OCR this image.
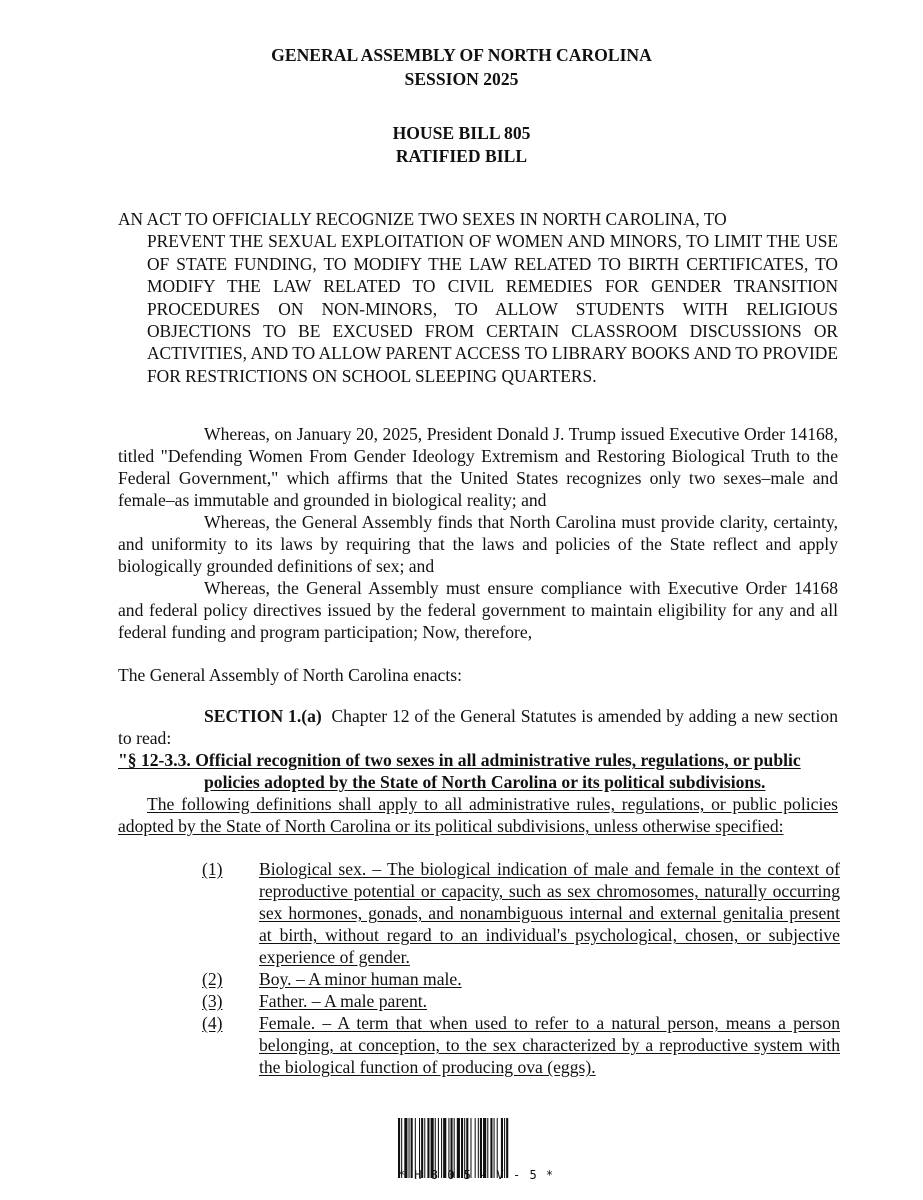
GENERAL ASSEMBLY OF NORTH CAROLINA
SESSION 2025
HOUSE BILL 805
RATIFIED BILL
AN ACT TO OFFICIALLY RECOGNIZE TWO SEXES IN NORTH CAROLINA, TO
PREVENT THE SEXUAL EXPLOITATION OF WOMEN AND MINORS, TO LIMIT THE USE OF STATE FUNDING, TO MODIFY THE LAW RELATED TO BIRTH CERTIFICATES, TO MODIFY THE LAW RELATED TO CIVIL REMEDIES FOR GENDER TRANSITION PROCEDURES ON NON-MINORS, TO ALLOW STUDENTS WITH RELIGIOUS OBJECTIONS TO BE EXCUSED FROM CERTAIN CLASSROOM DISCUSSIONS OR ACTIVITIES, AND TO ALLOW PARENT ACCESS TO LIBRARY BOOKS AND TO PROVIDE FOR RESTRICTIONS ON SCHOOL SLEEPING QUARTERS.
Whereas, on January 20, 2025, President Donald J. Trump issued Executive Order 14168, titled "Defending Women From Gender Ideology Extremism and Restoring Biological Truth to the Federal Government," which affirms that the United States recognizes only two sexes–male and female–as immutable and grounded in biological reality; and
Whereas, the General Assembly finds that North Carolina must provide clarity, certainty, and uniformity to its laws by requiring that the laws and policies of the State reflect and apply biologically grounded definitions of sex; and
Whereas, the General Assembly must ensure compliance with Executive Order 14168 and federal policy directives issued by the federal government to maintain eligibility for any and all federal funding and program participation; Now, therefore,
The General Assembly of North Carolina enacts:
SECTION 1.(a) Chapter 12 of the General Statutes is amended by adding a new section to read:
"§ 12-3.3. Official recognition of two sexes in all administrative rules, regulations, or public
policies adopted by the State of North Carolina or its political subdivisions.
The following definitions shall apply to all administrative rules, regulations, or public policies adopted by the State of North Carolina or its political subdivisions, unless otherwise specified:
(1) Biological sex. – The biological indication of male and female in the context of reproductive potential or capacity, such as sex chromosomes, naturally occurring sex hormones, gonads, and nonambiguous internal and external genitalia present at birth, without regard to an individual's psychological, chosen, or subjective experience of gender.
(2) Boy. – A minor human male.
(3) Father. – A male parent.
(4) Female. – A term that when used to refer to a natural person, means a person belonging, at conception, to the sex characterized by a reproductive system with the biological function of producing ova (eggs).
* H 8 0 5 - V - 5 *
